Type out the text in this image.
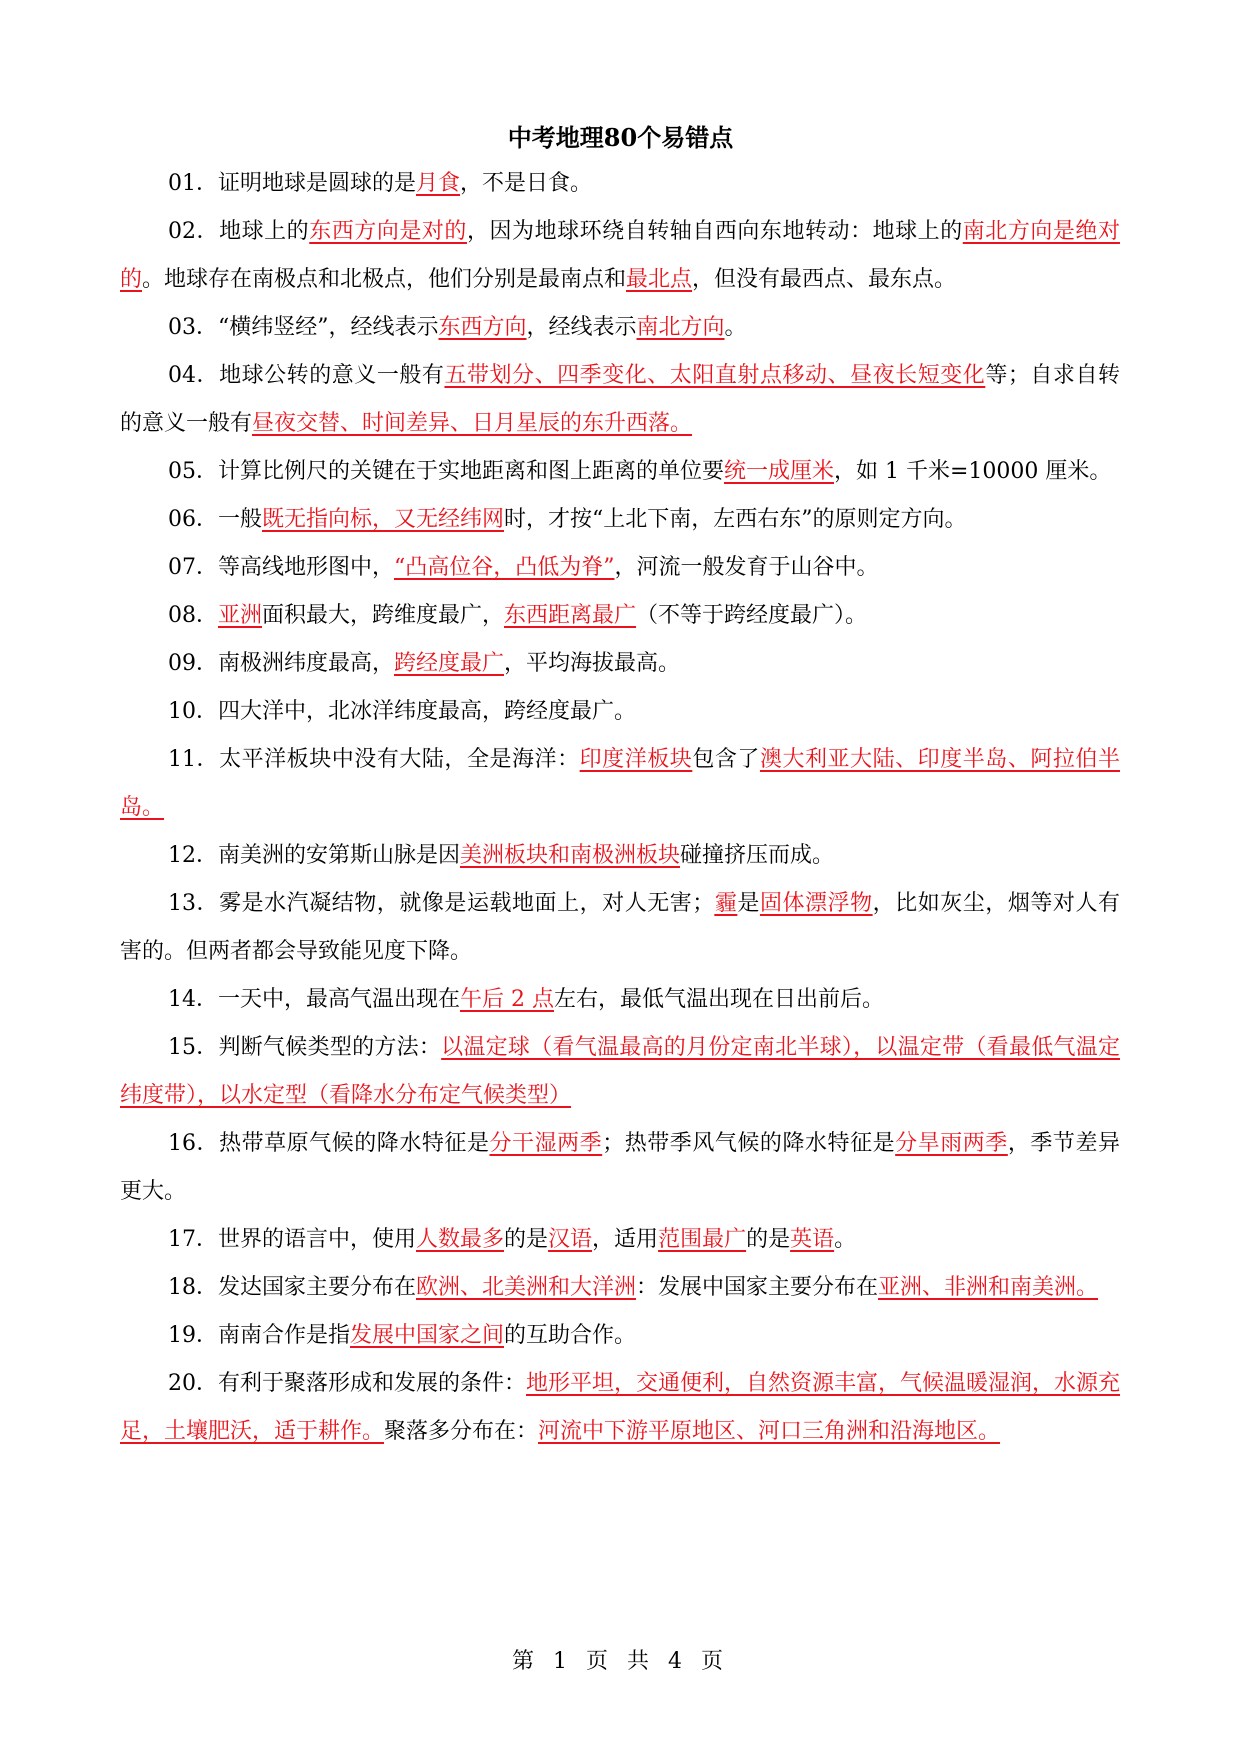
中考地理80个易错点

01．证明地球是圆球的是月食，不是日食。

02．地球上的东西方向是对的，因为地球环绕自转轴自西向东地转动：地球上的南北方向是绝对的。地球存在南极点和北极点，他们分别是最南点和最北点，但没有最西点、最东点。

03．“横纬竖经”，经线表示东西方向，经线表示南北方向。

04．地球公转的意义一般有五带划分、四季变化、太阳直射点移动、昼夜长短变化等；自求自转的意义一般有昼夜交替、时间差异、日月星辰的东升西落。

05．计算比例尺的关键在于实地距离和图上距离的单位要统一成厘米，如 1 千米=10000 厘米。

06．一般既无指向标，又无经纬网时，才按“上北下南，左西右东”的原则定方向。

07．等高线地形图中，“凸高位谷，凸低为脊”，河流一般发育于山谷中。

08．亚洲面积最大，跨维度最广，东西距离最广（不等于跨经度最广）。

09．南极洲纬度最高，跨经度最广，平均海拔最高。

10．四大洋中，北冰洋纬度最高，跨经度最广。

11．太平洋板块中没有大陆，全是海洋：印度洋板块包含了澳大利亚大陆、印度半岛、阿拉伯半岛。

12．南美洲的安第斯山脉是因美洲板块和南极洲板块碰撞挤压而成。

13．雾是水汽凝结物，就像是运载地面上，对人无害；霾是固体漂浮物，比如灰尘，烟等对人有害的。但两者都会导致能见度下降。

14．一天中，最高气温出现在午后 2 点左右，最低气温出现在日出前后。

15．判断气候类型的方法：以温定球（看气温最高的月份定南北半球），以温定带（看最低气温定纬度带），以水定型（看降水分布定气候类型）

16．热带草原气候的降水特征是分干湿两季；热带季风气候的降水特征是分旱雨两季，季节差异更大。

17．世界的语言中，使用人数最多的是汉语，适用范围最广的是英语。

18．发达国家主要分布在欧洲、北美洲和大洋洲：发展中国家主要分布在亚洲、非洲和南美洲。

19．南南合作是指发展中国家之间的互助合作。

20．有利于聚落形成和发展的条件：地形平坦，交通便利，自然资源丰富，气候温暖湿润，水源充足，土壤肥沃，适于耕作。聚落多分布在：河流中下游平原地区、河口三角洲和沿海地区。

第 1 页 共 4 页
